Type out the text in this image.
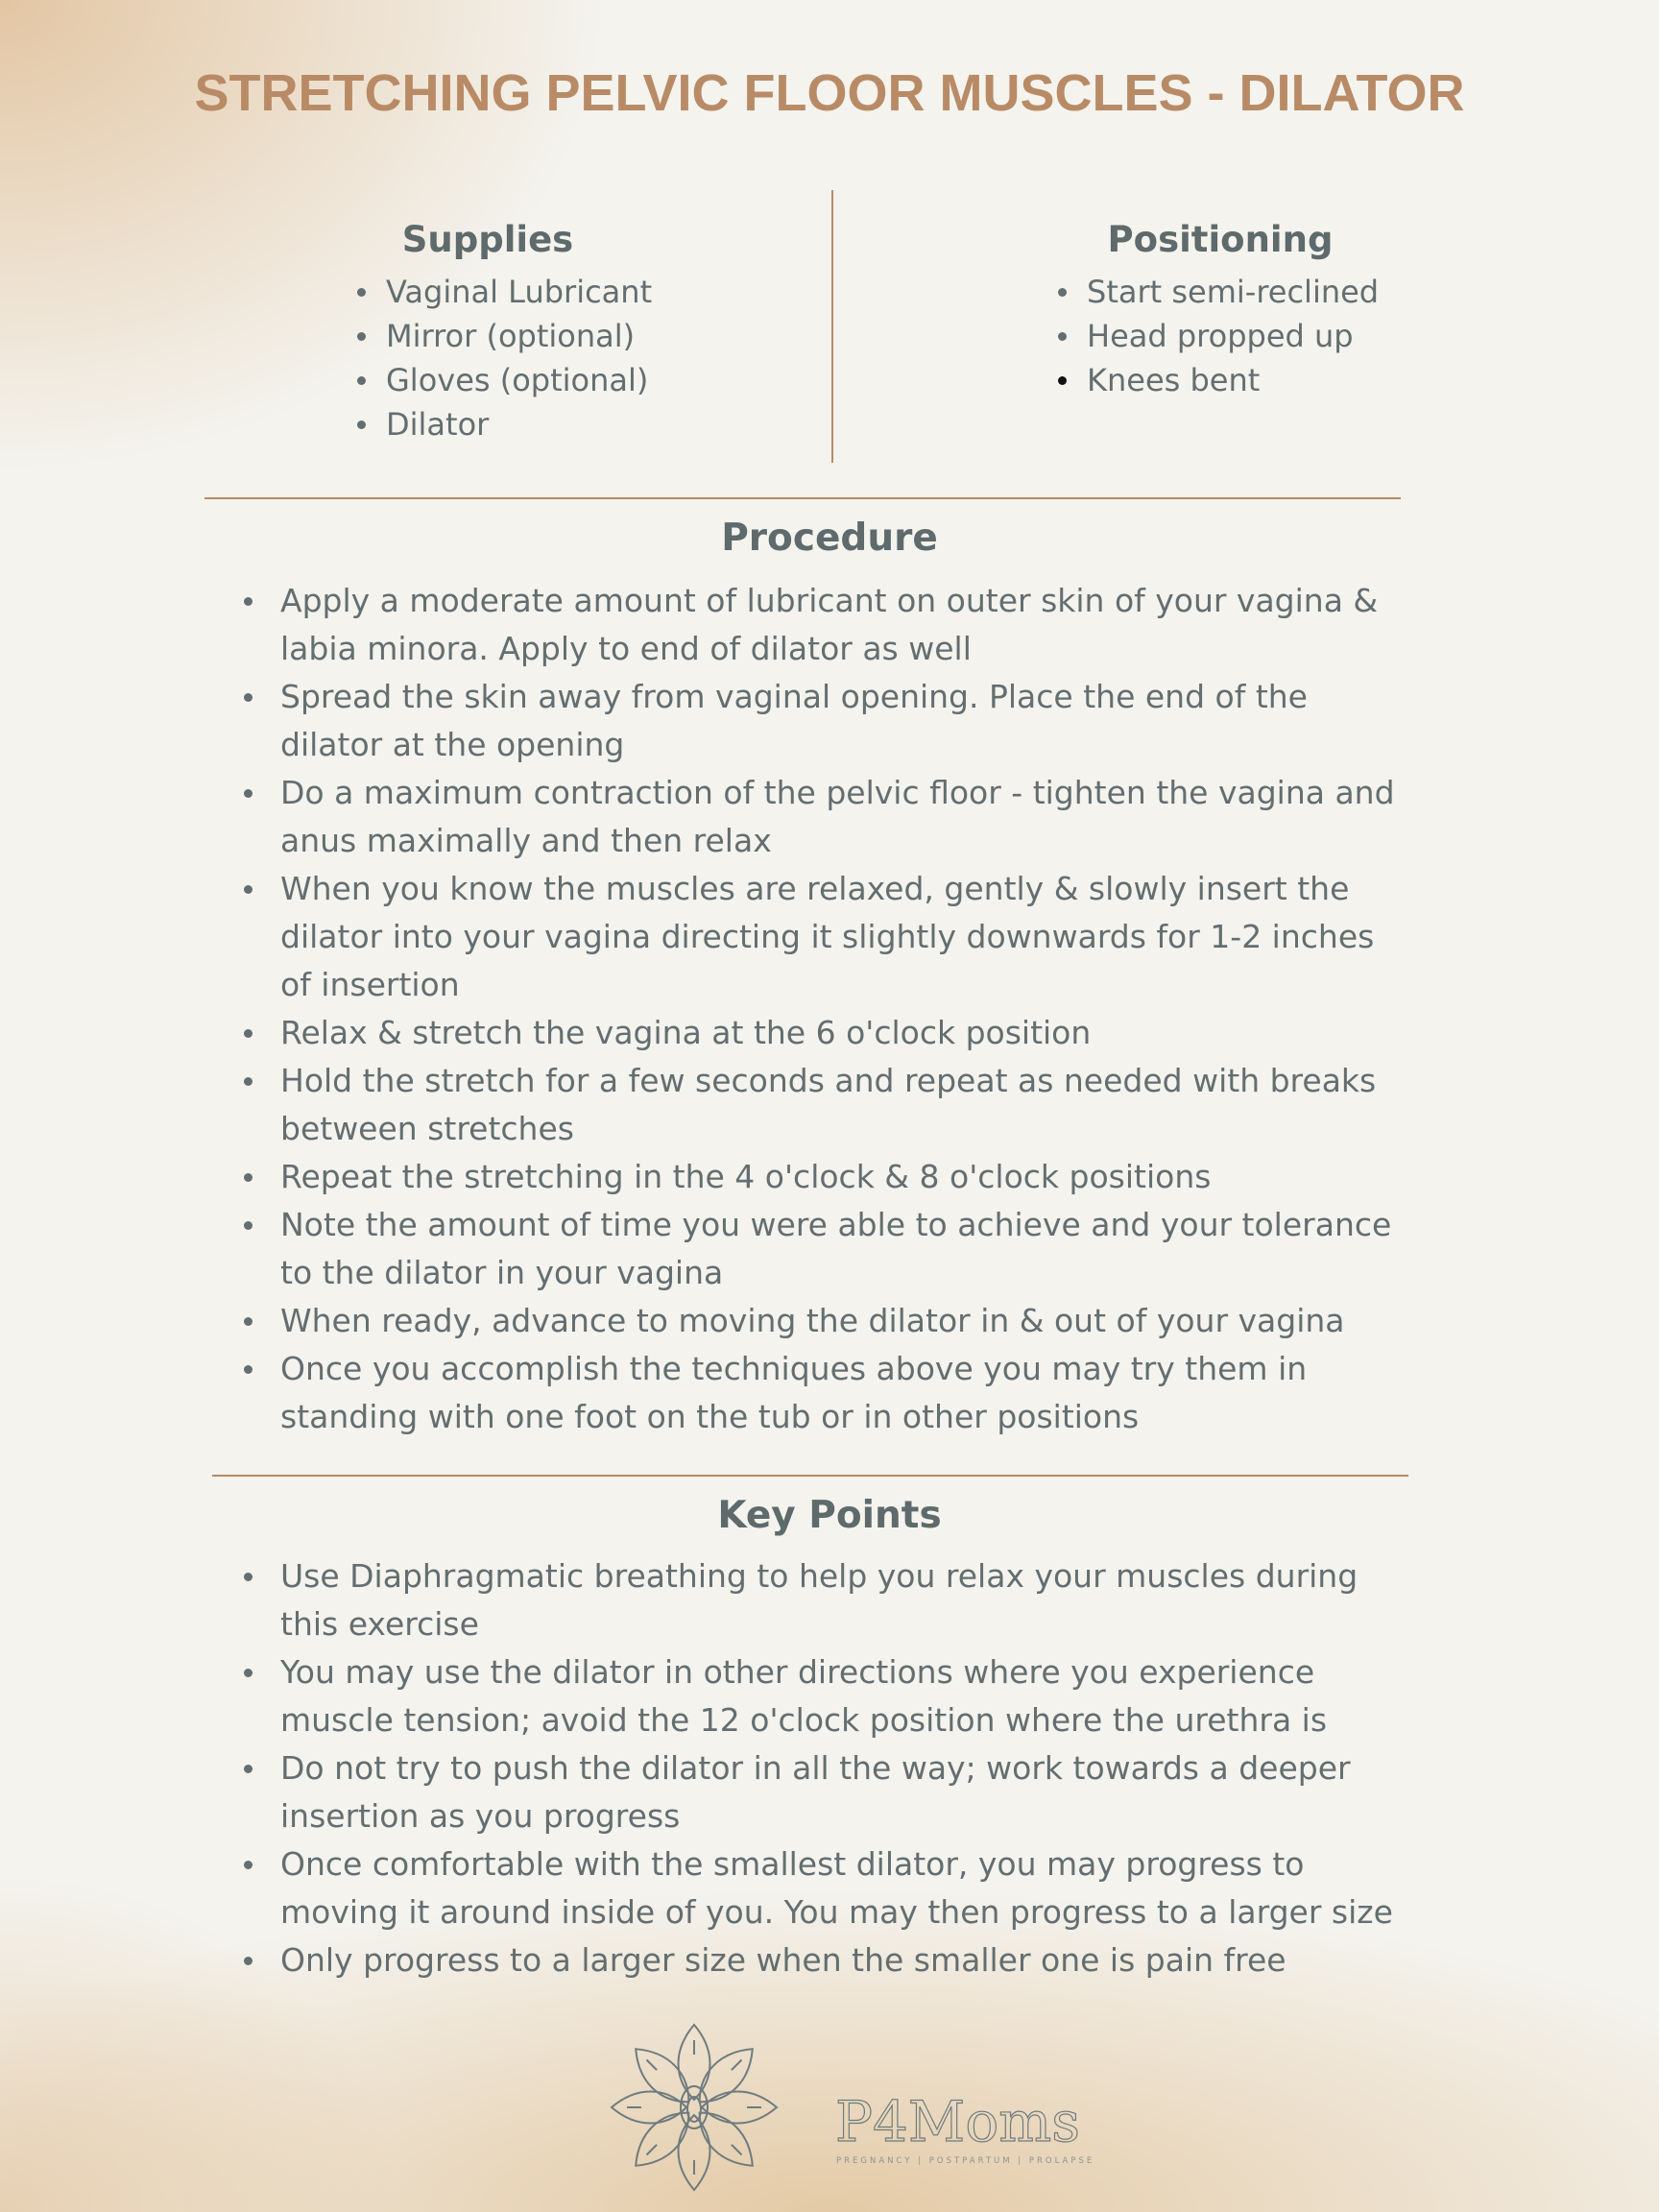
STRETCHING PELVIC FLOOR MUSCLES - DILATOR
Supplies
Vaginal Lubricant
Mirror (optional)
Gloves (optional)
Dilator
Positioning
Start semi-reclined
Head propped up
Knees bent
Procedure
Apply a moderate amount of lubricant on outer skin of your vagina & labia minora. Apply to end of dilator as well
Spread the skin away from vaginal opening. Place the end of the dilator at the opening
Do a maximum contraction of the pelvic floor - tighten the vagina and anus maximally and then relax
When you know the muscles are relaxed, gently & slowly insert the dilator into your vagina directing it slightly downwards for 1-2 inches of insertion
Relax & stretch the vagina at the 6 o'clock position
Hold the stretch for a few seconds and repeat as needed with breaks between stretches
Repeat the stretching in the 4 o'clock & 8 o'clock positions
Note the amount of time you were able to achieve and your tolerance to the dilator in your vagina
When ready, advance to moving the dilator in & out of your vagina
Once you accomplish the techniques above you may try them in standing with one foot on the tub or in other positions
Key Points
Use Diaphragmatic breathing to help you relax your muscles during this exercise
You may use the dilator in other directions where you experience muscle tension; avoid the 12 o'clock position where the urethra is
Do not try to push the dilator in all the way; work towards a deeper insertion as you progress
Once comfortable with the smallest dilator, you may progress to moving it around inside of you. You may then progress to a larger size
Only progress to a larger size when the smaller one is pain free
P4Moms
PREGNANCY | POSTPARTUM | PROLAPSE
